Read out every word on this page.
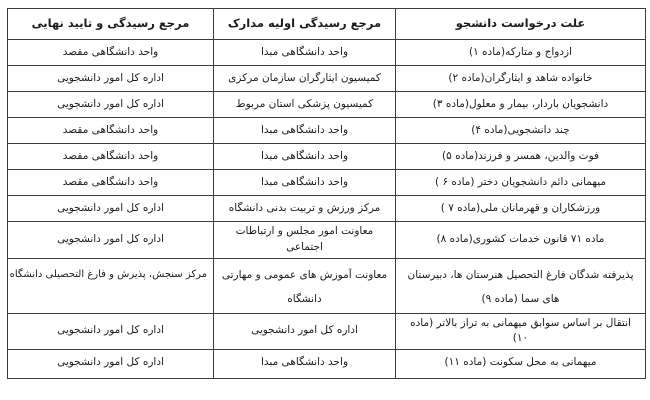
علت درخواست دانشجو	مرجع رسیدگی اولیه مدارک	مرجع رسیدگی و تایید نهایی
ازدواج و متارکه(ماده ۱)	واحد دانشگاهی مبدا	واحد دانشگاهی مقصد
خانواده شاهد و ایثارگران(ماده ۲)	کمیسیون ایثارگران سازمان مرکزی	اداره کل امور دانشجویی
دانشجویان باردار، بیمار و معلول(ماده ۳)	کمیسیون پزشکی استان مربوط	اداره کل امور دانشجویی
چند دانشجویی(ماده ۴)	واحد دانشگاهی مبدا	واحد دانشگاهی مقصد
فوت والدین، همسر و فرزند(ماده ۵)	واحد دانشگاهی مبدا	واحد دانشگاهی مقصد
میهمانی دائم دانشجویان دختر (ماده ۶ )	واحد دانشگاهی مبدا	واحد دانشگاهی مقصد
ورزشکاران و قهرمانان ملی(ماده ۷ )	مرکز ورزش و تربیت بدنی دانشگاه	اداره کل امور دانشجویی
ماده ۷۱ قانون خدمات کشوری(ماده ۸)	معاونت امور مجلس و ارتباطات اجتماعی	اداره کل امور دانشجویی
پذیرفته شدگان فارغ التحصیل هنرستان ها، دبیرستان های سما (ماده ۹)	معاونت آموزش های عمومی و مهارتی دانشگاه	مرکز سنجش، پذیرش و فارغ التحصیلی دانشگاه
انتقال بر اساس سوابق میهمانی به تراز بالاتر (ماده ۱۰)	اداره کل امور دانشجویی	اداره کل امور دانشجویی
میهمانی به محل سکونت (ماده ۱۱)	واحد دانشگاهی مبدا	اداره کل امور دانشجویی
